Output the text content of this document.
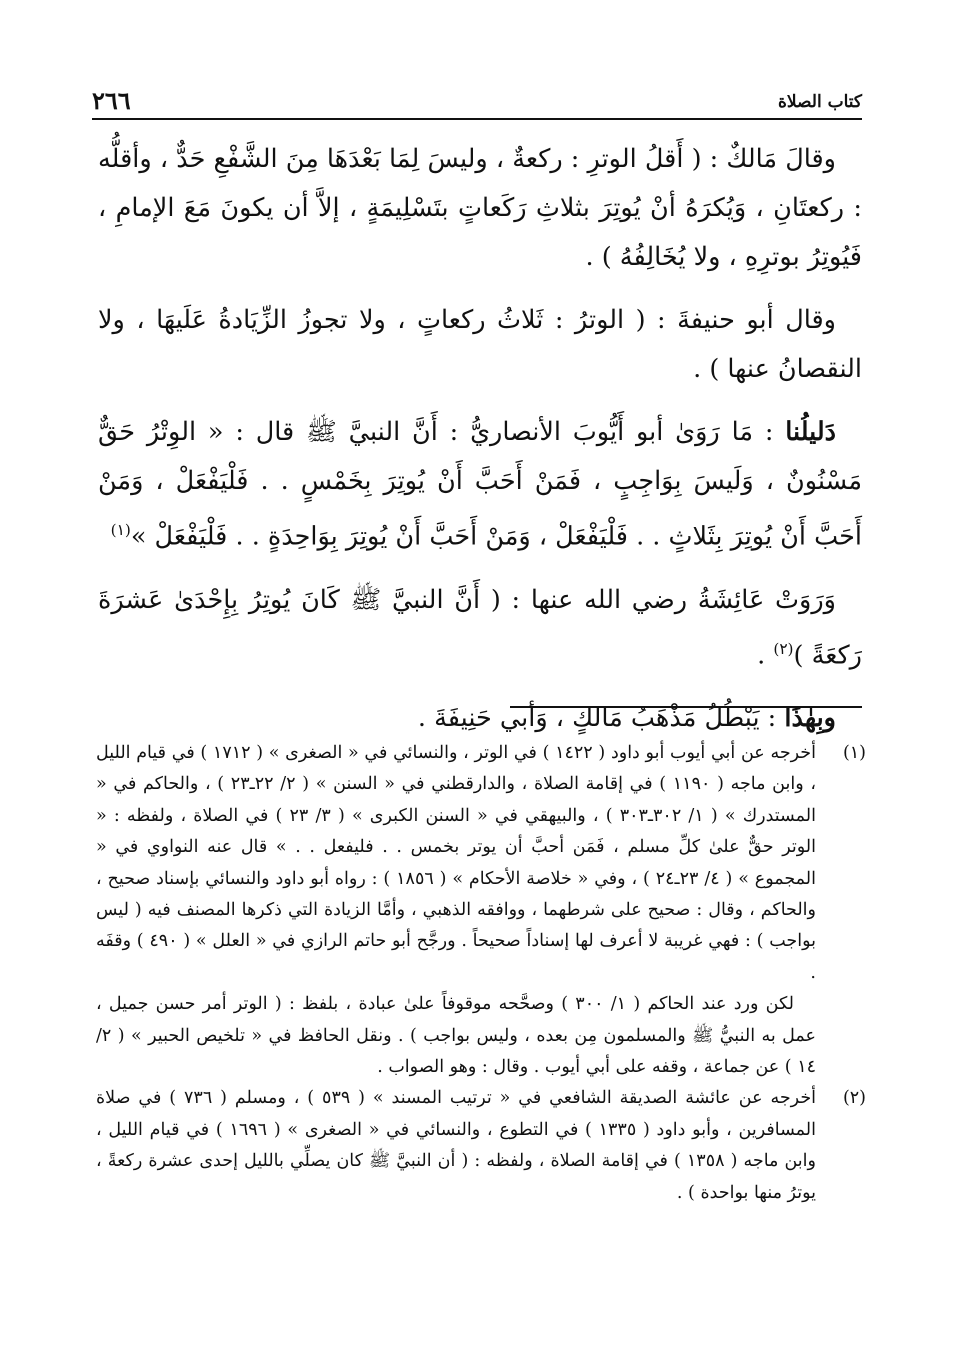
٢٦٦	كتاب الصلاة

وقالَ مَالكٌ : ( أَقلُ الوترِ : ركعةٌ ، وليسَ لِمَا بَعْدَهَا مِنَ الشَّفْعِ حَدٌّ ، وأقلُّه : ركعتَانِ ، وَيُكرَهُ أنْ يُوتِرَ بثلاثِ رَكَعاتٍ بتَسْلِيمَةٍ ، إلاَّ أن يكونَ مَعَ الإمامِ ، فَيُوتِرُ بوترِهِ ، ولا يُخَالِفُهُ ) .

وقال أبو حنيفةَ : ( الوترُ : ثَلاثُ ركعاتٍ ، ولا تجوزُ الزِّيَادةُ عَلَيهَا ، ولا النقصانُ عنها ) .

دَليلُنا : مَا رَوَىٰ أبو أَيُّوبَ الأنصاريُّ : أَنَّ النبيَّ ﷺ قال : « الوِتْرُ حَقٌّ مَسْنُونٌ ، وَلَيسَ بِوَاجِبٍ ، فَمَنْ أَحَبَّ أَنْ يُوتِرَ بِخَمْسٍ . . فَلْيَفْعَلْ ، وَمَنْ أَحَبَّ أَنْ يُوتِرَ بِثَلاثٍ . . فَلْيَفْعَلْ ، وَمَنْ أَحَبَّ أَنْ يُوتِرَ بِوَاحِدَةٍ . . فَلْيَفْعَلْ »$^{(١)}$

وَرَوَتْ عَائِشَةُ رضي الله عنها : ( أَنَّ النبيَّ ﷺ كَانَ يُوتِرُ بِإِحْدَىٰ عَشرَةَ رَكعَةً )$^{(٢)}$ .

وبِهٰذَا : يَبْطُلُ مَذْهَبُ مَالكٍ ، وَأبي حَنِيفَةَ .

(١)

أخرجه عن أبي أيوب أبو داود ( ١٤٢٢ ) في الوتر ، والنسائي في « الصغرى » ( ١٧١٢ ) في قيام الليل ، وابن ماجه ( ١١٩٠ ) في إقامة الصلاة ، والدارقطني في « السنن » ( ٢/ ٢٢ـ٢٣ ) ، والحاكم في « المستدرك » ( ١/ ٣٠٢ـ٣٠٣ ) ، والبيهقي في « السنن الكبرى » ( ٣/ ٢٣ ) في الصلاة ، ولفظه : « الوتر حقٌّ علىٰ كلِّ مسلم ، فَمَن أحبَّ أن يوتر بخمس . . فليفعل . . » قال عنه النواوي في « المجموع » ( ٤/ ٢٣ـ٢٤ ) ، وفي « خلاصة الأحكام » ( ١٨٥٦ ) : رواه أبو داود والنسائي بإسناد صحيح ، والحاكم ، وقال : صحيح على شرطهما ، ووافقه الذهبي ، وأمَّا الزيادة التي ذكرها المصنف فيه ( ليس بواجب ) : فهي غريبة لا أعرف لها إسناداً صحيحاً . ورجَّح أبو حاتم الرازي في « العلل » ( ٤٩٠ ) وقفَه .

لكن ورد عند الحاكم ( ١/ ٣٠٠ ) وصحَّحه موقوفاً علىٰ عبادة ، بلفظ : ( الوتر أمر حسن جميل ، عمل به النبيُّ ﷺ والمسلمون مِن بعده ، وليس بواجب ) . ونقل الحافظ في « تلخيص الحبير » ( ٢/ ١٤ ) عن جماعة ، وقفه على أبي أيوب . وقال : وهو الصواب .

(٢)

أخرجه عن عائشة الصديقة الشافعي في « ترتيب المسند » ( ٥٣٩ ) ، ومسلم ( ٧٣٦ ) في صلاة المسافرين ، وأبو داود ( ١٣٣٥ ) في التطوع ، والنسائي في « الصغرى » ( ١٦٩٦ ) في قيام الليل ، وابن ماجه ( ١٣٥٨ ) في إقامة الصلاة ، ولفظه : ( أن النبيَّ ﷺ كان يصلِّي بالليل إحدى عشرة ركعةً ، يوترُ منها بواحدة ) .
